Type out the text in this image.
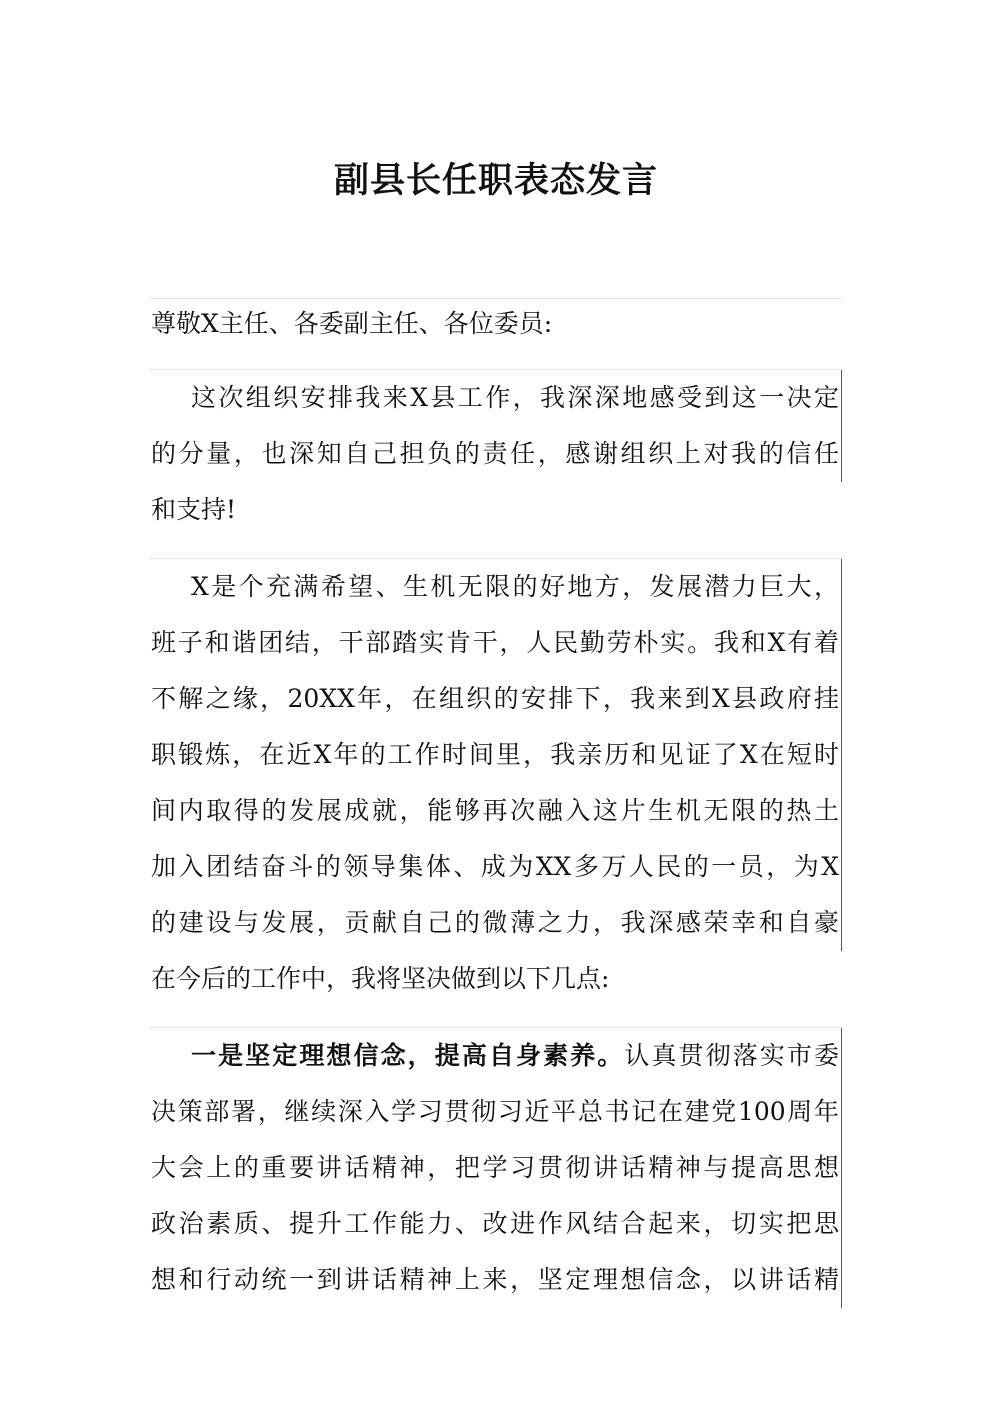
副县长任职表态发言
尊敬X主任、各委副主任、各位委员:
这次组织安排我来X县工作，我深深地感受到这一决定
的分量，也深知自己担负的责任，感谢组织上对我的信任
和支持!
X是个充满希望、生机无限的好地方，发展潜力巨大，
班子和谐团结，干部踏实肯干，人民勤劳朴实。我和X有着
不解之缘，20XX年，在组织的安排下，我来到X县政府挂
职锻炼，在近X年的工作时间里，我亲历和见证了X在短时
间内取得的发展成就，能够再次融入这片生机无限的热土
加入团结奋斗的领导集体、成为XX多万人民的一员，为X
的建设与发展，贡献自己的微薄之力，我深感荣幸和自豪
在今后的工作中，我将坚决做到以下几点:
一是坚定理想信念，提高自身素养。认真贯彻落实市委
决策部署，继续深入学习贯彻习近平总书记在建党100周年
大会上的重要讲话精神，把学习贯彻讲话精神与提高思想
政治素质、提升工作能力、改进作风结合起来，切实把思
想和行动统一到讲话精神上来，坚定理想信念，以讲话精
